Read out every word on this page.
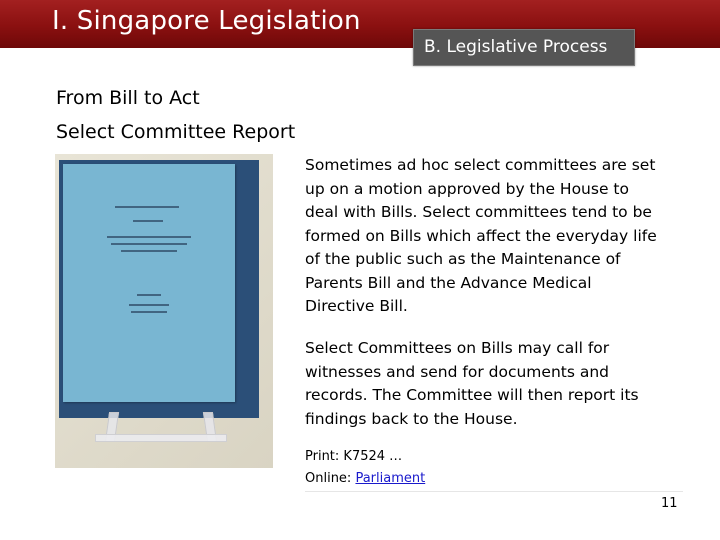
I. Singapore Legislation
B. Legislative Process
From Bill to Act
Select Committee Report
Sometimes ad hoc select committees are set up on a motion approved by the House to deal with Bills. Select committees tend to be formed on Bills which affect the everyday life of the public such as the Maintenance of Parents Bill and the Advance Medical Directive Bill.
Select Committees on Bills may call for witnesses and send for documents and records. The Committee will then report its findings back to the House.
Print: K7524 …
Online: Parliament
11
